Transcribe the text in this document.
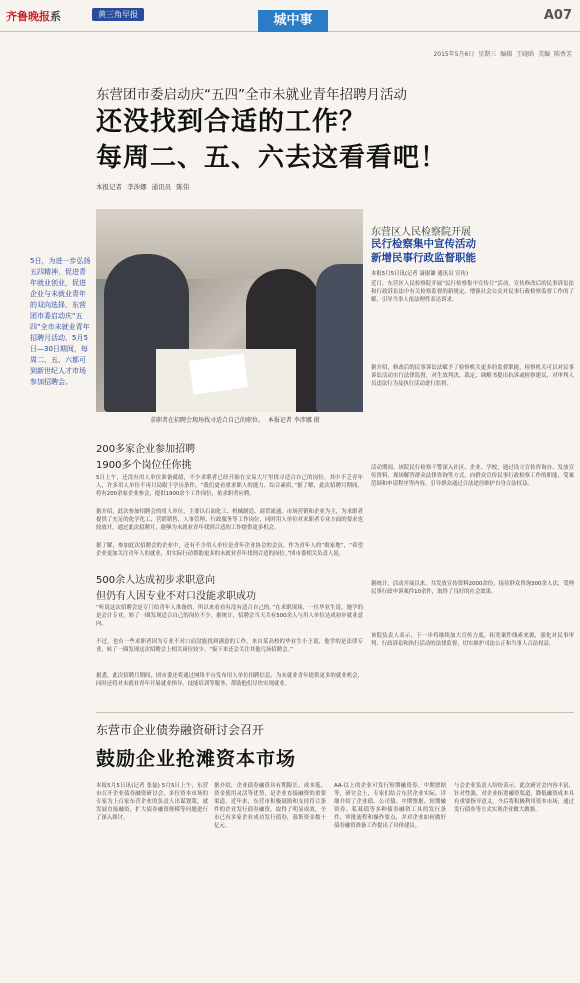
齐鲁晚报系	黄三角早报	城中事	A07
2015年5月6日 星期三 编辑 王晓晗 美编 陈香芳
东营团市委启动庆“五四”全市未就业青年招聘月活动
还没找到合适的工作？
每周二、五、六去这看看吧！
本报记者 李涉娜 通讯员 陈伟
5日，为进一步弘扬五四精神，促进青年就业创业，促进企业与未就业青年的双向选择，东营团市委启动庆“五四”全市未就业青年招聘月活动，5月5日—30日期间，每周二、五、六都可到新世纪人才市场参加招聘会。
求职者在招聘会现场找寻适合自己的职位。 本报记者 李涉娜 摄
200多家企业参加招聘
1900多个岗位任你挑
5日上午，还没有用人单位准备就绪，不少求职者已经开始在交易大厅里找寻适合自己的岗位。其中不乏青年人，许多用人单位不再只局限于学历条件，“我们更看重求职人的能力，综合素质。”据了解，此次招聘月期间，将有200余家企业参会，提供1900余个工作岗位，依求职者应聘。
据介绍，此次参加招聘会的用人单位，主要以石油化工、机械制造、商贸流通、市场营销和企业为主，为求职者提供了充足的化学化工、营销销售、人事管理、行政服务等工作岗位，同时用人单位对求职者专业方面的要求也较放开，通过此次招聘月，能够为未就业青年找到合适的工作提供更多机会。
据了解，参加此次招聘会的企业中，还有不少用人单位是青年企业协会的会员，作为青年人的“娘家地”，“希望企业更加关注青年人的就业，用实际行动帮助更多的未就业青年找到合适的岗位。”团市委相关负责人说。
500余人达成初步求职意向
但仍有人因专业不对口没能求职成功
“听说这次招聘会是专门给青年人准备的，所以来看看有没有适合自己的。”在求职现场，一位毕业生说，她学的是会计专业，转了一圈发现适合自己的岗位不少。据统计，招聘会当天共有500余人与用人单位达成初步就业意向。
不过，也有一些求职者因为专业不对口而没能找到满意的工作。来自某高校的毕业生小王说，他学的是法律专业，转了一圈发现这次招聘会上相关岗位较少。“接下来还会关注其他几场招聘会。”
据悉，此次招聘月期间，团市委还将通过网络平台发布用人单位招聘信息，为未就业青年提供更多的就业机会，同时还将对未就业青年开展就业指导、技能培训等服务，帮助他们尽快实现就业。
东营区人民检察院开展
民行检察集中宣传活动
新增民事行政监督职能
本报5月5日讯(记者 聂谢谦 通讯员 宣传)
近日，东营区人民检察院开展“民行检察集中宣传月”活动，宣传修改后的民事诉讼法和行政诉讼法中有关检察监督的新规定，增强社会公众对民事行政检察监督工作的了解，引导当事人依法理性表达诉求。
据介绍，修改后的民事诉讼法赋予了检察机关更多的监督职能，检察机关可以对民事诉讼活动实行法律监督，对生效判决、裁定、调解书提出抗诉或检察建议，对审判人员违法行为及执行活动进行监督。
活动期间，该院民行检察干警深入社区、企业、学校，通过设立宣传咨询台、发放宣传资料、现场解答群众法律咨询等方式，向群众宣传民事行政检察工作的职能、受案范围和申请程序等内容，引导群众通过合法途径维护自身合法权益。
据统计，活动开展以来，共发放宣传资料2000余份，接待群众咨询300余人次，受理民事行政申诉案件10余件，取得了良好的社会效果。
该院负责人表示，下一步将继续加大宣传力度，拓宽案件线索来源，强化对民事审判、行政诉讼和执行活动的法律监督，切实维护司法公正和当事人合法权益。
东营市企业债券融资研讨会召开
鼓励企业抢滩资本市场
本报5月5日讯(记者 张磊) 5月5日上午，东营市召开企业债券融资研讨会，多位资本市场的专家为上百家东营企业的负责人出谋划策，就发展直接融资、扩大债券融资规模等问题进行了深入探讨。
据介绍，企业债券融资具有期限长、成本低、资金使用灵活等优势，是企业直接融资的重要渠道。近年来，东营市积极鼓励和支持符合条件的企业发行债券融资，取得了明显成效，全市已有多家企业成功发行债券，募集资金数十亿元。
AA-以上的企业可发行短期融资券、中期票据等，研讨会上，专家们结合东营企业实际，详细介绍了企业债、公司债、中期票据、短期融资券、私募债等多种债券融资工具的发行条件、审批流程和操作要点，并对企业如何做好债券融资准备工作提出了具体建议。
与会企业负责人纷纷表示，此次研讨会内容丰富、针对性强，对企业拓宽融资渠道、降低融资成本具有重要指导意义，今后将积极利用资本市场，通过发行债券等方式实现企业做大做强。
